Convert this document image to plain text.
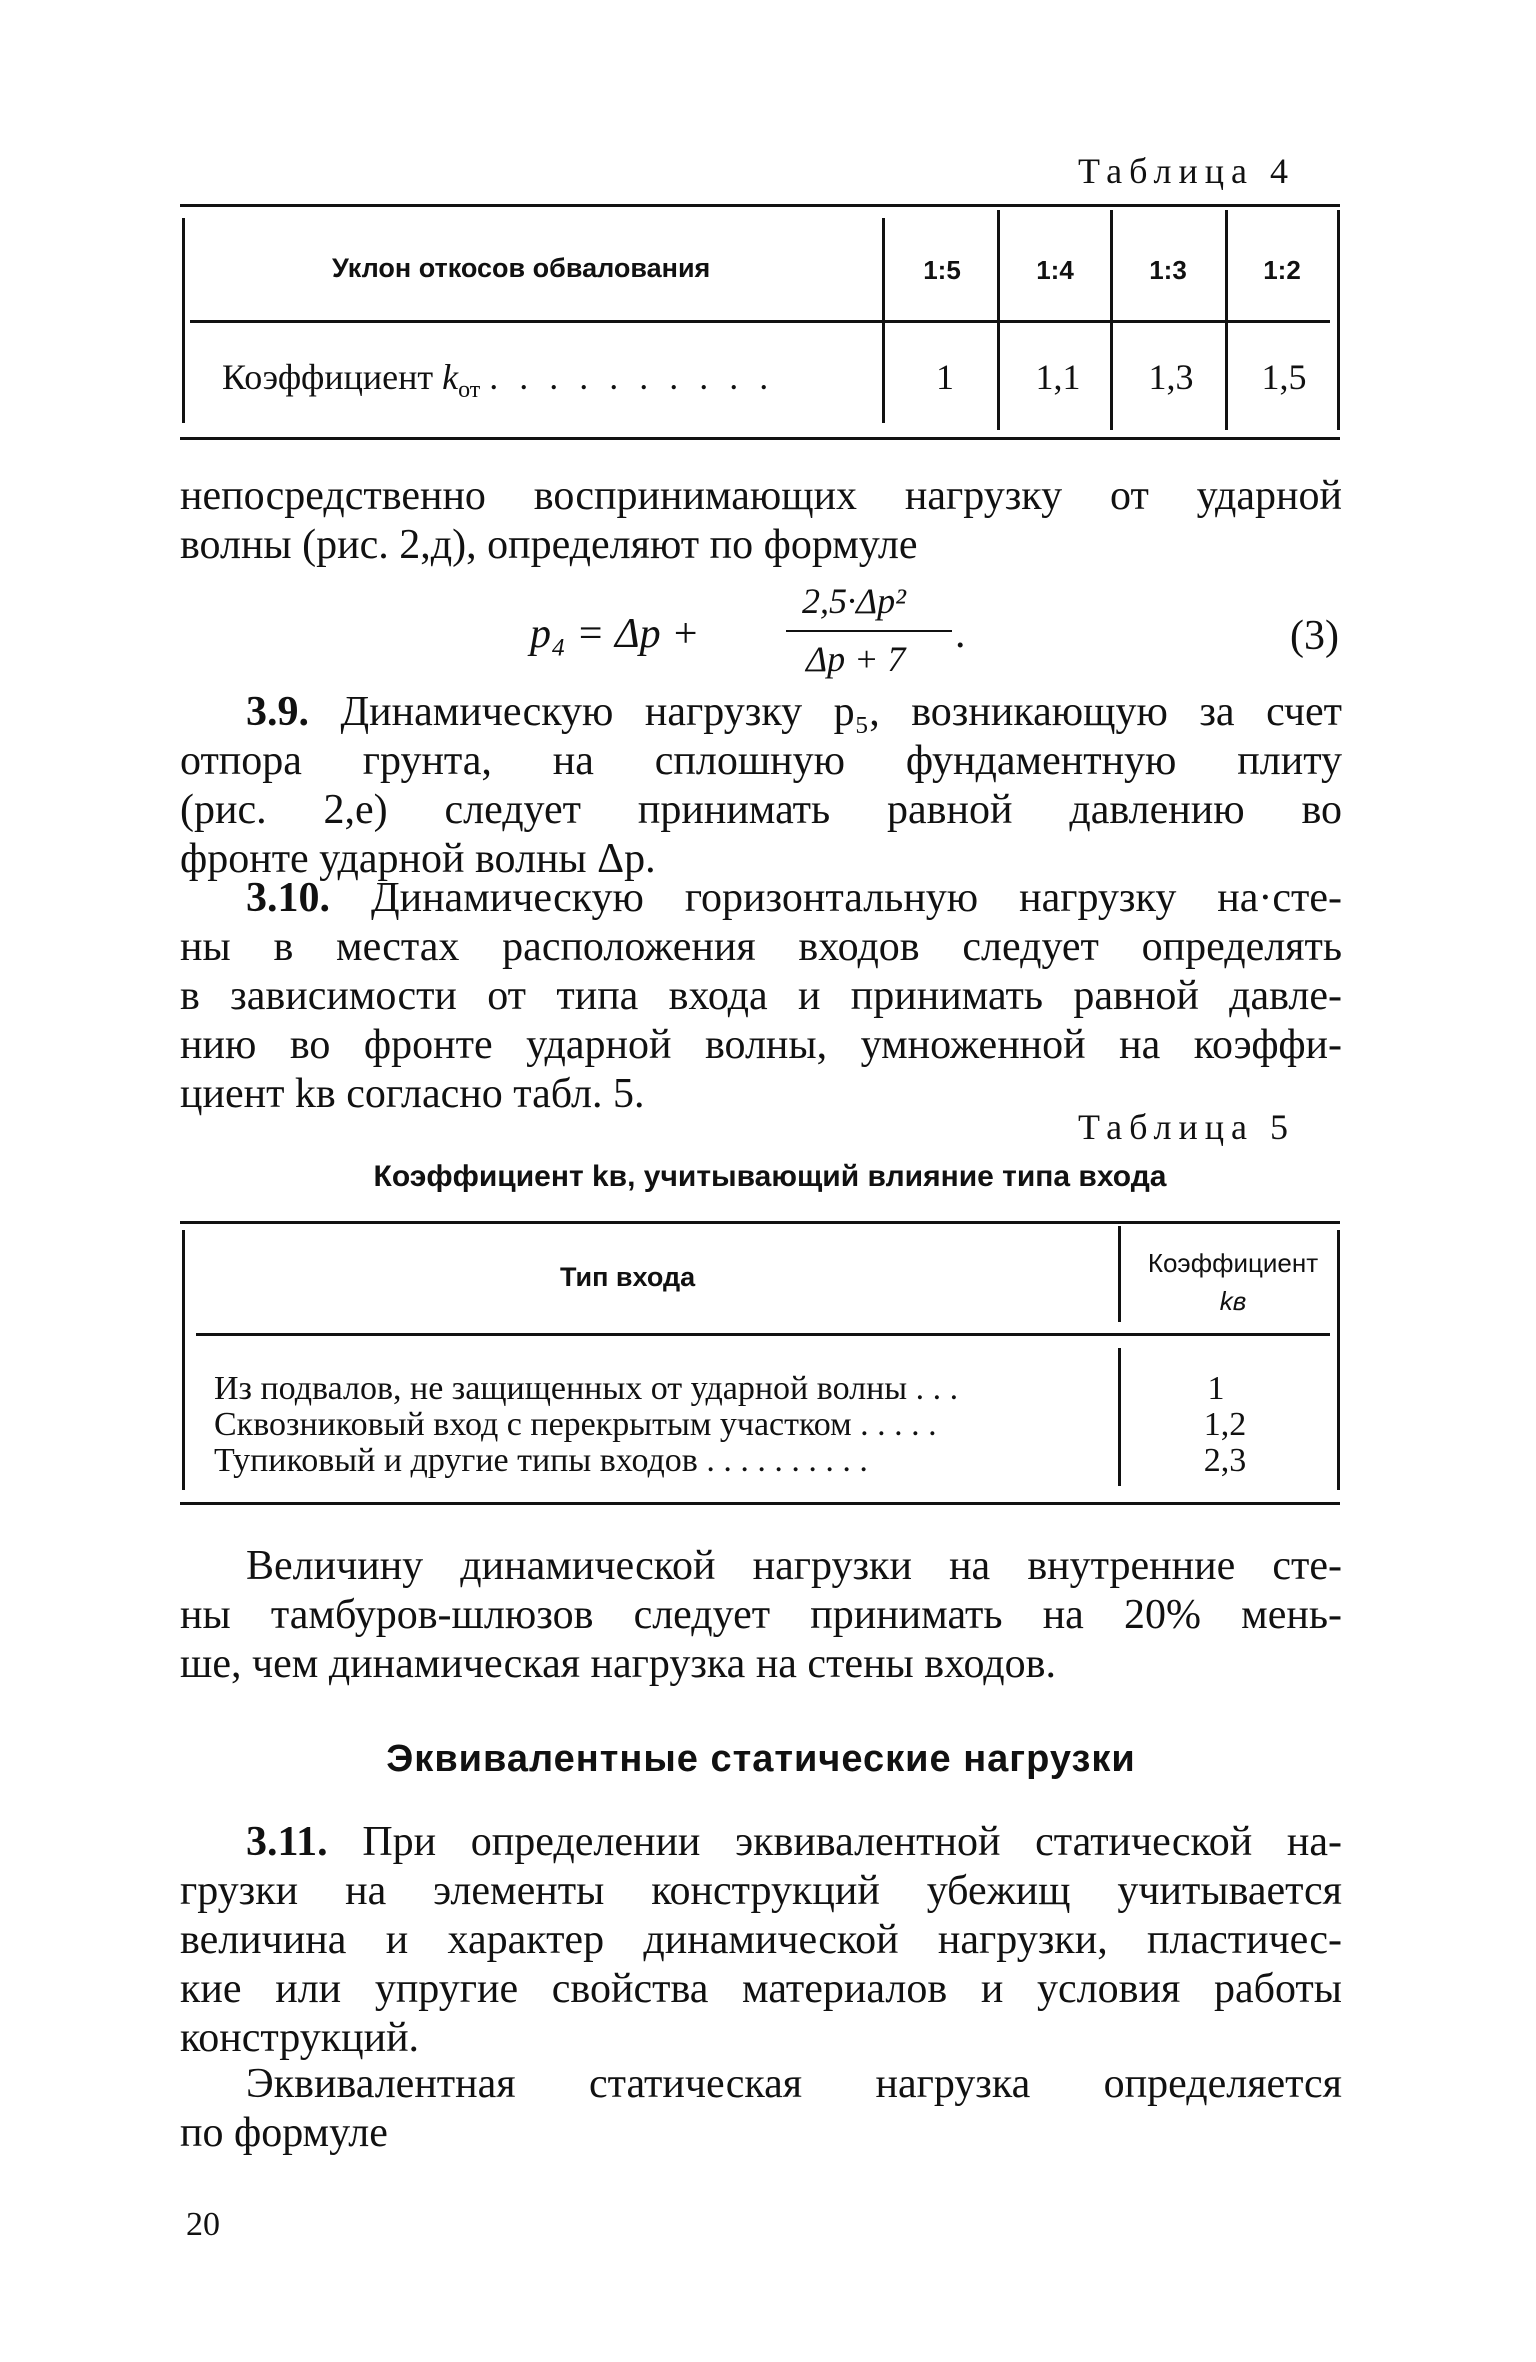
Таблица 4
Уклон откосов обвалования	1:5	1:4	1:3	1:2
Коэффициент $k_{от}$ . . . . . . . . . .	1	1,1	1,3	1,5
непосредственно воспринимающих нагрузку от ударной
волны (рис. 2,д), определяют по формуле
p₄ = Δp +
2,5·Δp²
Δp + 7
.	(3)
3.9. Динамическую нагрузку p₅, возникающую за счет
отпора грунта, на сплошную фундаментную плиту
(рис. 2,е) следует принимать равной давлению во
фронте ударной волны Δp.
3.10. Динамическую горизонтальную нагрузку на·сте-
ны в местах расположения входов следует определять
в зависимости от типа входа и принимать равной давле-
нию во фронте ударной волны, умноженной на коэффи-
циент kв согласно табл. 5.
Таблица 5
Коэффициент kв, учитывающий влияние типа входа
Тип входа	Коэффициент
kв
Из подвалов, не защищенных от ударной волны . . .	1
Сквозниковый вход с перекрытым участком . . . . .	1,2
Тупиковый и другие типы входов . . . . . . . . . .	2,3
Величину динамической нагрузки на внутренние сте-
ны тамбуров-шлюзов следует принимать на 20% мень-
ше, чем динамическая нагрузка на стены входов.
Эквивалентные статические нагрузки
3.11. При определении эквивалентной статической на-
грузки на элементы конструкций убежищ учитывается
величина и характер динамической нагрузки, пластичес-
кие или упругие свойства материалов и условия работы
конструкций.
Эквивалентная статическая нагрузка определяется
по формуле
20
